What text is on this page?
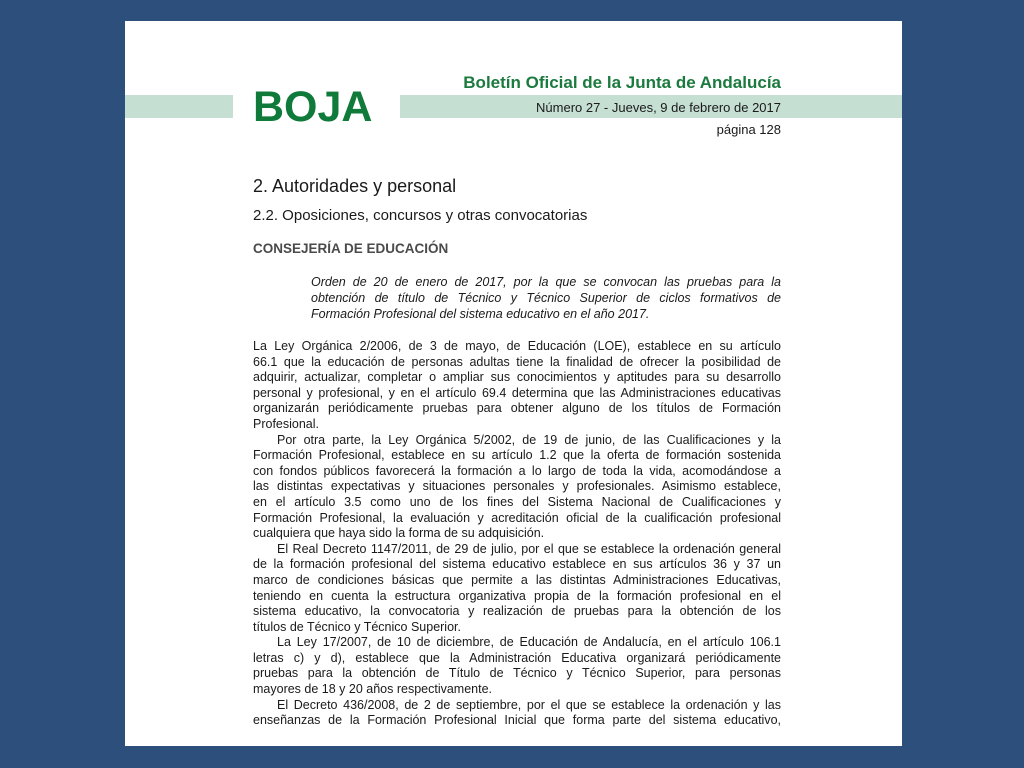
BOJA
Boletín Oficial de la Junta de Andalucía
Número 27 - Jueves, 9 de febrero de 2017
página 128
2. Autoridades y personal
2.2. Oposiciones, concursos y otras convocatorias
CONSEJERÍA DE EDUCACIÓN
Orden de 20 de enero de 2017, por la que se convocan las pruebas para la
obtención de título de Técnico y Técnico Superior de ciclos formativos de
Formación Profesional del sistema educativo en el año 2017.
La Ley Orgánica 2/2006, de 3 de mayo, de Educación (LOE), establece en su artículo
66.1 que la educación de personas adultas tiene la finalidad de ofrecer la posibilidad de
adquirir, actualizar, completar o ampliar sus conocimientos y aptitudes para su desarrollo
personal y profesional, y en el artículo 69.4 determina que las Administraciones educativas
organizarán periódicamente pruebas para obtener alguno de los títulos de Formación
Profesional.
Por otra parte, la Ley Orgánica 5/2002, de 19 de junio, de las Cualificaciones y la
Formación Profesional, establece en su artículo 1.2 que la oferta de formación sostenida
con fondos públicos favorecerá la formación a lo largo de toda la vida, acomodándose a
las distintas expectativas y situaciones personales y profesionales. Asimismo establece,
en el artículo 3.5 como uno de los fines del Sistema Nacional de Cualificaciones y
Formación Profesional, la evaluación y acreditación oficial de la cualificación profesional
cualquiera que haya sido la forma de su adquisición.
El Real Decreto 1147/2011, de 29 de julio, por el que se establece la ordenación general
de la formación profesional del sistema educativo establece en sus artículos 36 y 37 un
marco de condiciones básicas que permite a las distintas Administraciones Educativas,
teniendo en cuenta la estructura organizativa propia de la formación profesional en el
sistema educativo, la convocatoria y realización de pruebas para la obtención de los
títulos de Técnico y Técnico Superior.
La Ley 17/2007, de 10 de diciembre, de Educación de Andalucía, en el artículo 106.1
letras c) y d), establece que la Administración Educativa organizará periódicamente
pruebas para la obtención de Título de Técnico y Técnico Superior, para personas
mayores de 18 y 20 años respectivamente.
El Decreto 436/2008, de 2 de septiembre, por el que se establece la ordenación y las
enseñanzas de la Formación Profesional Inicial que forma parte del sistema educativo,
